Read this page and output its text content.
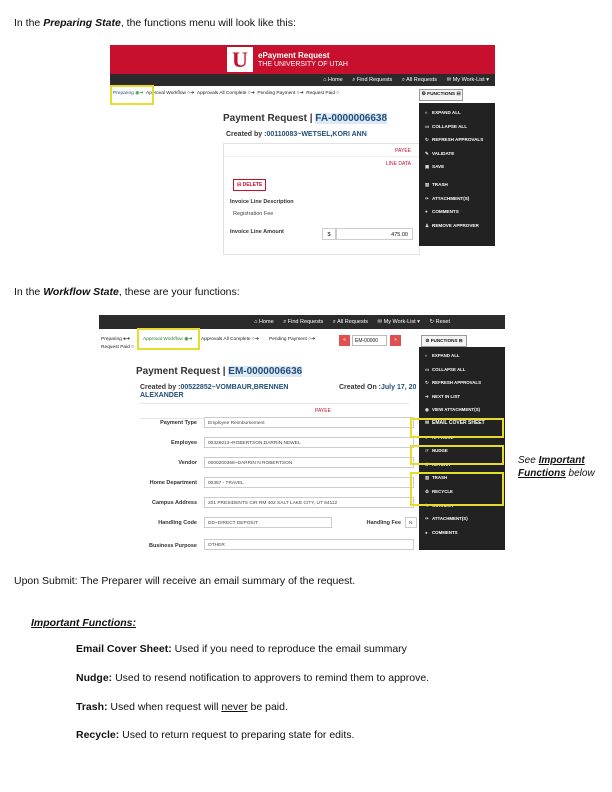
In the Preparing State, the functions menu will look like this:
U	ePayment Request
THE UNIVERSITY OF UTAH
⌂ Home ⌕ Find Requests ⌕ All Requests ✉ My Work-List ▾
Preparing ◉➔ Approval Workflow ○➔  Approvals All Complete ○➔  Pending Payment ○➔  Request Paid ○	⚙ FUNCTIONS ⊟
Payment Request | FA-0000006638
Created by :00110083~WETSEL,KORI ANN
PAYEE
LINE DATA
⊟ DELETE
Invoice Line Description
Registration Fee
Invoice Line Amount	$	475.00
◐ EXPAND ALL
▭ COLLAPSE ALL
↻ REFRESH APPROVALS
✎ VALIDATE
▣ SAVE
▥ TRASH
✑ ATTACHMENT(S)
● COMMENTS
♟ REMOVE APPROVER
In the Workflow State, these are your functions:
⌂ Home ⌕ Find Requests ⌕ All Requests ✉ My Work-List ▾ ↻ Reset
Preparing ●➔
Request Paid ○
Approval Workflow ◉➔ Approvals All Complete ○➔ Pending Payment ○➔	«	EM-00000	»	⚙ FUNCTIONS ⊟
Payment Request | EM-0000006636
Created by :00522852~VOMBAUR,BRENNEN
ALEXANDER
Created On :July 17, 20
PAYEE
Payment Type	Employee Reimbursement
Employee	00326013~ROBERTSON,DARRIN NEWEL
Vendor	0000200368~DARRIN N ROBERTSON
Home Department	00357 - TRAVEL
Campus Address	201 PRESIDENTS CIR RM 402 SALT LAKE CITY, UT 84112
Handling Code	DD~DIRECT DEPOSIT	Handling Fee	N
Business Purpose	OTHER
◐ EXPAND ALL
▭ COLLAPSE ALL
↻ REFRESH APPROVALS
➔ NEXT IN LIST
◉ VIEW ATTACHMENT(S)
✉ EMAIL COVER SHEET
✔ APPROVE
☞ NUDGE
✘ RETURN
▥ TRASH
♻ RECYCLE
✎ CORRECT
✑ ATTACHMENT(S)
● COMMENTS
See Important
Functions below
Upon Submit: The Preparer will receive an email summary of the request.
Important Functions:
Email Cover Sheet: Used if you need to reproduce the email summary
Nudge: Used to resend notification to approvers to remind them to approve.
Trash: Used when request will never be paid.
Recycle: Used to return request to preparing state for edits.
